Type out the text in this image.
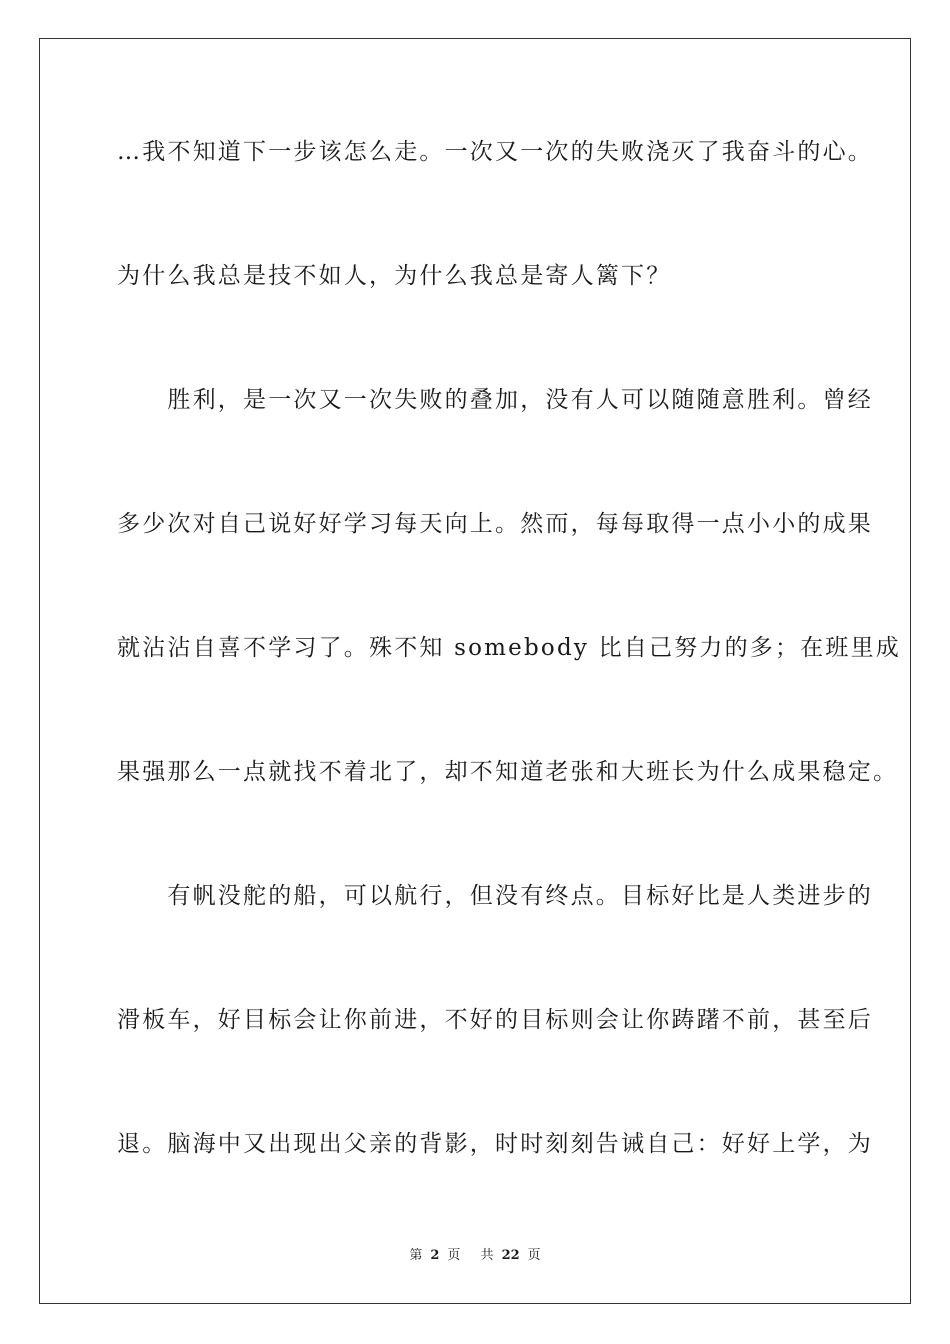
…我不知道下一步该怎么走。一次又一次的失败浇灭了我奋斗的心。
为什么我总是技不如人，为什么我总是寄人篱下？
　　胜利，是一次又一次失败的叠加，没有人可以随随意胜利。曾经
多少次对自己说好好学习每天向上。然而，每每取得一点小小的成果
就沾沾自喜不学习了。殊不知 somebody 比自己努力的多；在班里成
果强那么一点就找不着北了，却不知道老张和大班长为什么成果稳定。
　　有帆没舵的船，可以航行，但没有终点。目标好比是人类进步的
滑板车，好目标会让你前进，不好的目标则会让你踌躇不前，甚至后
退。脑海中又出现出父亲的背影，时时刻刻告诫自己：好好上学，为
第 2 页 共 22 页
